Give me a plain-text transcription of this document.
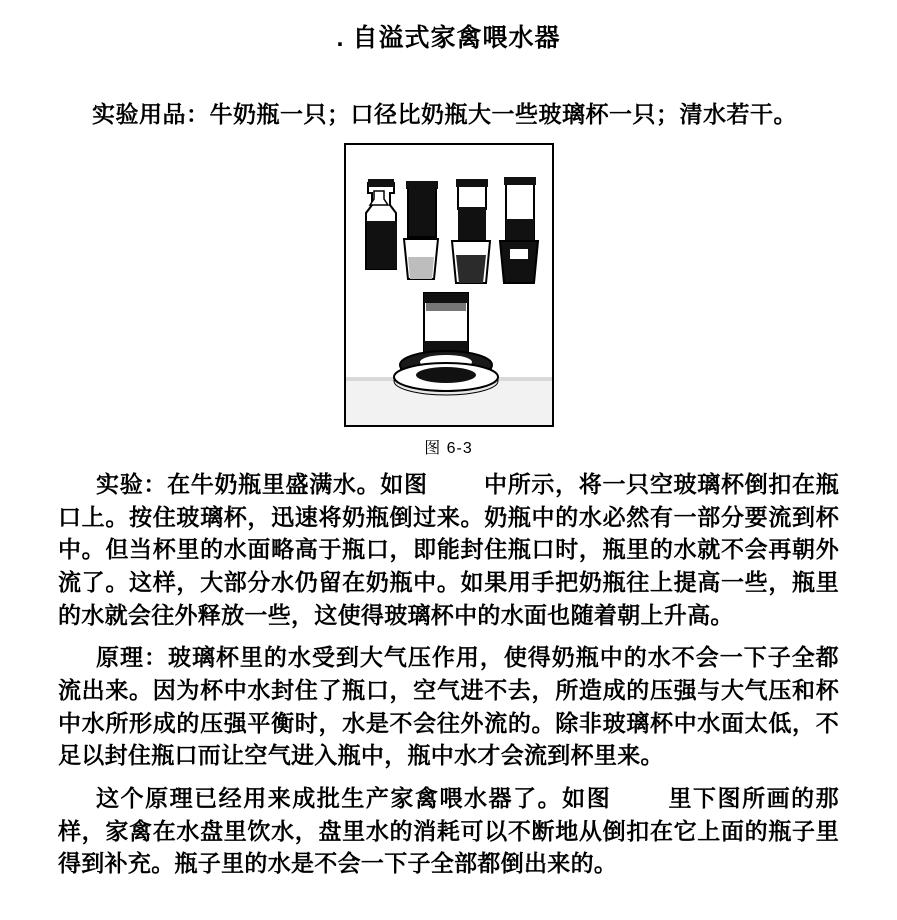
. 自溢式家禽喂水器
实验用品：牛奶瓶一只；口径比奶瓶大一些玻璃杯一只；清水若干。
图 6-3

实验：在牛奶瓶里盛满水。如图 中所示，将一只空玻璃杯倒扣在瓶口上。按住玻璃杯，迅速将奶瓶倒过来。奶瓶中的水必然有一部分要流到杯中。但当杯里的水面略高于瓶口，即能封住瓶口时，瓶里的水就不会再朝外流了。这样，大部分水仍留在奶瓶中。如果用手把奶瓶往上提高一些，瓶里的水就会往外释放一些，这使得玻璃杯中的水面也随着朝上升高。

原理：玻璃杯里的水受到大气压作用，使得奶瓶中的水不会一下子全都流出来。因为杯中水封住了瓶口，空气进不去，所造成的压强与大气压和杯中水所形成的压强平衡时，水是不会往外流的。除非玻璃杯中水面太低，不足以封住瓶口而让空气进入瓶中，瓶中水才会流到杯里来。

这个原理已经用来成批生产家禽喂水器了。如图 里下图所画的那样，家禽在水盘里饮水，盘里水的消耗可以不断地从倒扣在它上面的瓶子里得到补充。瓶子里的水是不会一下子全部都倒出来的。
